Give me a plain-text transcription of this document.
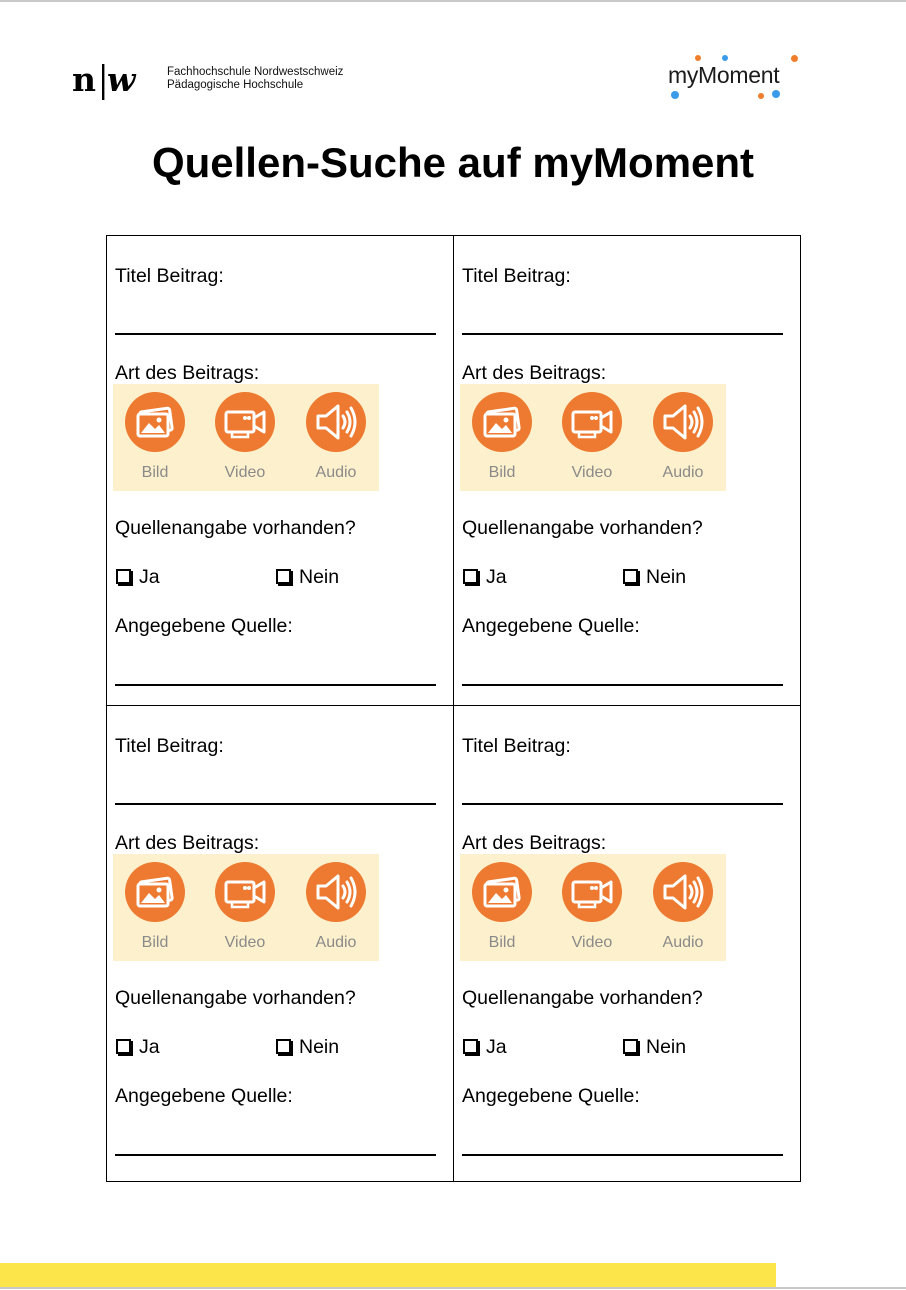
n w	Fachhochschule Nordwestschweiz
Pädagogische Hochschule	myMoment
Quellen-Suche auf myMoment
Titel Beitrag:
Art des Beitrags:
Bild	Video	Audio
Quellenangabe vorhanden?
Ja	Nein
Angegebene Quelle:
Titel Beitrag:
Art des Beitrags:
Bild	Video	Audio
Quellenangabe vorhanden?
Ja	Nein
Angegebene Quelle:
Titel Beitrag:
Art des Beitrags:
Bild	Video	Audio
Quellenangabe vorhanden?
Ja	Nein
Angegebene Quelle:
Titel Beitrag:
Art des Beitrags:
Bild	Video	Audio
Quellenangabe vorhanden?
Ja	Nein
Angegebene Quelle:
